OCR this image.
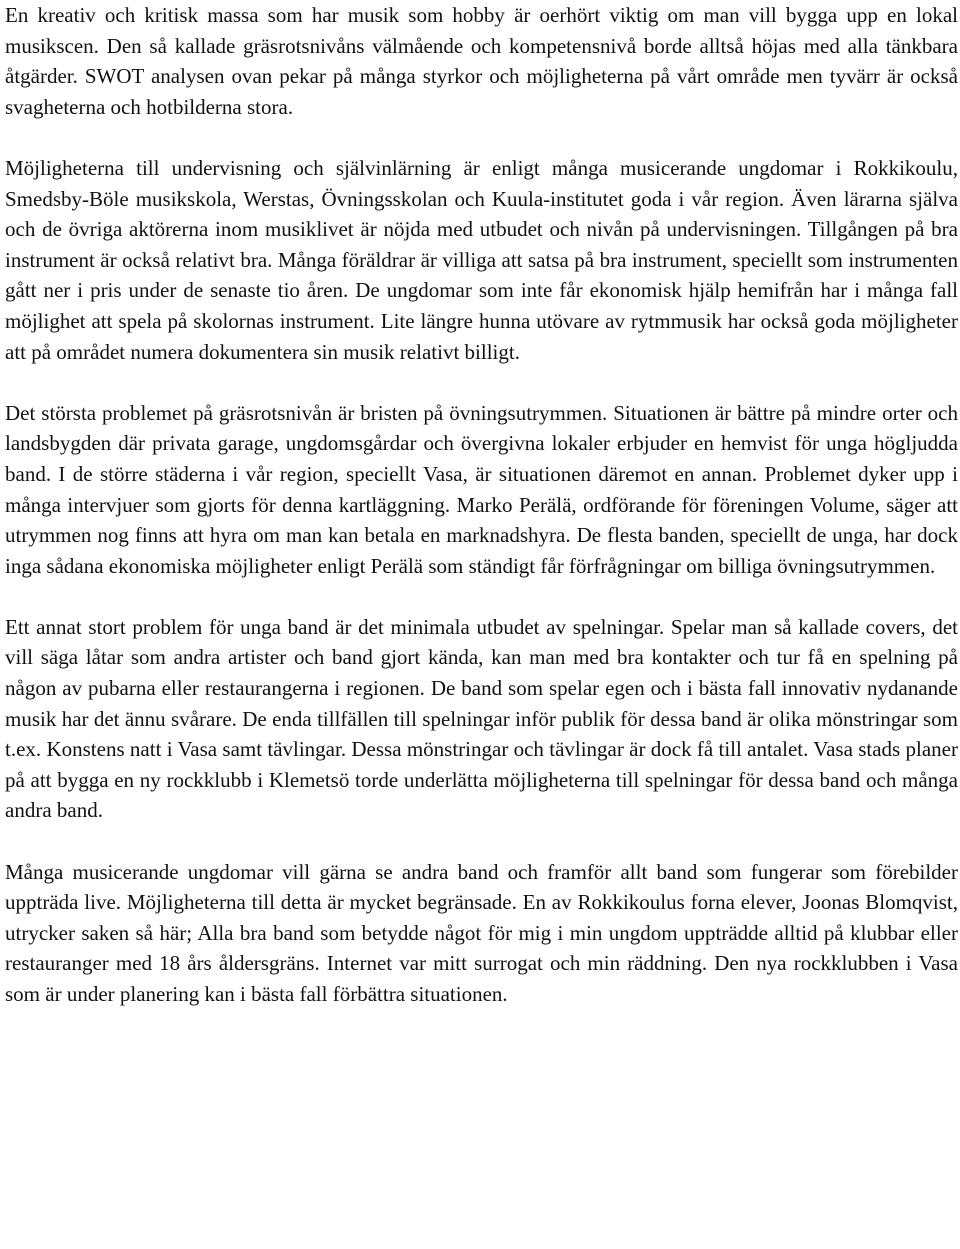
En kreativ och kritisk massa som har musik som hobby är oerhört viktig om man vill bygga upp en lokal musikscen. Den så kallade gräsrotsnivåns välmående och kompetensnivå borde alltså höjas med alla tänkbara åtgärder. SWOT analysen ovan pekar på många styrkor och möjligheterna på vårt område men tyvärr är också svagheterna och hotbilderna stora.

Möjligheterna till undervisning och självinlärning är enligt många musicerande ungdomar i Rokkikoulu, Smedsby-Böle musikskola, Werstas, Övningsskolan och Kuula-institutet goda i vår region. Även lärarna själva och de övriga aktörerna inom musiklivet är nöjda med utbudet och nivån på undervisningen. Tillgången på bra instrument är också relativt bra. Många föräldrar är villiga att satsa på bra instrument, speciellt som instrumenten gått ner i pris under de senaste tio åren. De ungdomar som inte får ekonomisk hjälp hemifrån har i många fall möjlighet att spela på skolornas instrument. Lite längre hunna utövare av rytmmusik har också goda möjligheter att på området numera dokumentera sin musik relativt billigt.

Det största problemet på gräsrotsnivån är bristen på övningsutrymmen. Situationen är bättre på mindre orter och landsbygden där privata garage, ungdomsgårdar och övergivna lokaler erbjuder en hemvist för unga högljudda band. I de större städerna i vår region, speciellt Vasa, är situationen däremot en annan. Problemet dyker upp i många intervjuer som gjorts för denna kartläggning. Marko Perälä, ordförande för föreningen Volume, säger att utrymmen nog finns att hyra om man kan betala en marknadshyra. De flesta banden, speciellt de unga, har dock inga sådana ekonomiska möjligheter enligt Perälä som ständigt får förfrågningar om billiga övningsutrymmen.

Ett annat stort problem för unga band är det minimala utbudet av spelningar. Spelar man så kallade covers, det vill säga låtar som andra artister och band gjort kända, kan man med bra kontakter och tur få en spelning på någon av pubarna eller restaurangerna i regionen. De band som spelar egen och i bästa fall innovativ nydanande musik har det ännu svårare. De enda tillfällen till spelningar inför publik för dessa band är olika mönstringar som t.ex. Konstens natt i Vasa samt tävlingar. Dessa mönstringar och tävlingar är dock få till antalet. Vasa stads planer på att bygga en ny rockklubb i Klemetsö torde underlätta möjligheterna till spelningar för dessa band och många andra band.

Många musicerande ungdomar vill gärna se andra band och framför allt band som fungerar som förebilder uppträda live. Möjligheterna till detta är mycket begränsade. En av Rokkikoulus forna elever, Joonas Blomqvist, utrycker saken så här; Alla bra band som betydde något för mig i min ungdom uppträdde alltid på klubbar eller restauranger med 18 års åldersgräns. Internet var mitt surrogat och min räddning. Den nya rockklubben i Vasa som är under planering kan i bästa fall förbättra situationen.
